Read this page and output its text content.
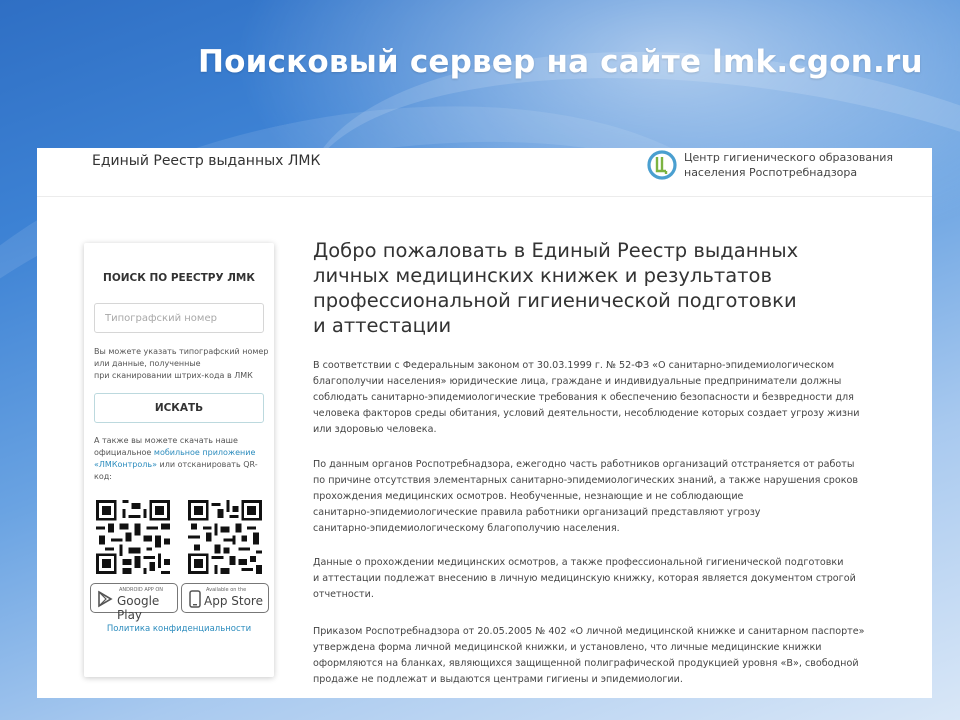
Поисковый сервер на сайте lmk.cgon.ru
Единый Реестр выданных ЛМК	Центр гигиенического образования
населения Роспотребнадзора
ПОИСК ПО РЕЕСТРУ ЛМК
Типографский номер
Вы можете указать типографский номер
или данные, полученные
при сканировании штрих-кода в ЛМК
ИСКАТЬ
А также вы можете скачать наше официальное мобильное приложение «ЛМКонтроль» или отсканировать QR-код:
ANDROID APP ON
Google Play
Available on the
App Store
Политика конфиденциальности
Добро пожаловать в Единый Реестр выданных
личных медицинских книжек и результатов
профессиональной гигиенической подготовки
и аттестации
В соответствии с Федеральным законом от 30.03.1999 г. № 52-ФЗ «О санитарно-эпидемиологическом
благополучии населения» юридические лица, граждане и индивидуальные предприниматели должны
соблюдать санитарно-эпидемиологические требования к обеспечению безопасности и безвредности для
человека факторов среды обитания, условий деятельности, несоблюдение которых создает угрозу жизни
или здоровью человека.
По данным органов Роспотребнадзора, ежегодно часть работников организаций отстраняется от работы
по причине отсутствия элементарных санитарно-эпидемиологических знаний, а также нарушения сроков
прохождения медицинских осмотров. Необученные, незнающие и не соблюдающие
санитарно-эпидемиологические правила работники организаций представляют угрозу
санитарно-эпидемиологическому благополучию населения.
Данные о прохождении медицинских осмотров, а также профессиональной гигиенической подготовки
и аттестации подлежат внесению в личную медицинскую книжку, которая является документом строгой
отчетности.
Приказом Роспотребнадзора от 20.05.2005 № 402 «О личной медицинской книжке и санитарном паспорте»
утверждена форма личной медицинской книжки, и установлено, что личные медицинские книжки
оформляются на бланках, являющихся защищенной полиграфической продукцией уровня «В», свободной
продаже не подлежат и выдаются центрами гигиены и эпидемиологии.
